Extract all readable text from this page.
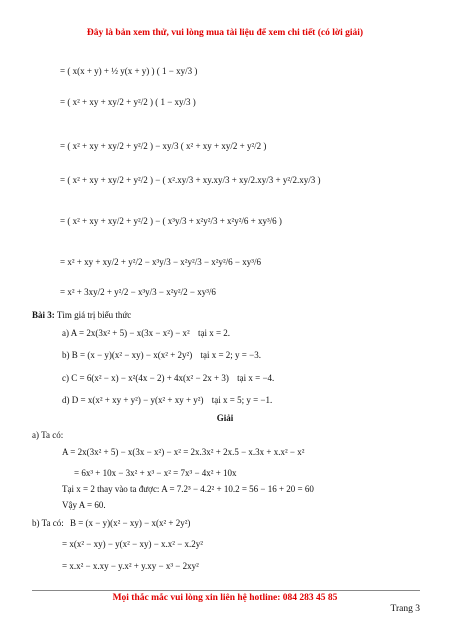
Đây là bản xem thử, vui lòng mua tài liệu để xem chi tiết (có lời giải)
= ( x(x + y) + ½ y(x + y) ) ( 1 − xy/3 )
= ( x² + xy + xy/2 + y²/2 ) ( 1 − xy/3 )
= ( x² + xy + xy/2 + y²/2 ) − xy/3 ( x² + xy + xy/2 + y²/2 )
= ( x² + xy + xy/2 + y²/2 ) − ( x².xy/3 + xy.xy/3 + xy/2.xy/3 + y²/2.xy/3 )
= ( x² + xy + xy/2 + y²/2 ) − ( x³y/3 + x²y²/3 + x²y²/6 + xy³/6 )
= x² + xy + xy/2 + y²/2 − x³y/3 − x²y²/3 − x²y²/6 − xy³/6
= x² + 3xy/2 + y²/2 − x³y/3 − x²y²/2 − xy³/6
Bài 3: Tìm giá trị biểu thức
a) A = 2x(3x² + 5) − x(3x − x²) − x² tại x = 2.
b) B = (x − y)(x² − xy) − x(x² + 2y²) tại x = 2; y = −3.
c) C = 6(x² − x) − x²(4x − 2) + 4x(x² − 2x + 3) tại x = −4.
d) D = x(x² + xy + y²) − y(x² + xy + y²) tại x = 5; y = −1.
Giải
a) Ta có:
A = 2x(3x² + 5) − x(3x − x²) − x² = 2x.3x² + 2x.5 − x.3x + x.x² − x²
= 6x³ + 10x − 3x² + x³ − x² = 7x³ − 4x² + 10x
Tại x = 2 thay vào ta được: A = 7.2³ − 4.2² + 10.2 = 56 − 16 + 20 = 60
Vậy A = 60.
b) Ta có: B = (x − y)(x² − xy) − x(x² + 2y²)
= x(x² − xy) − y(x² − xy) − x.x² − x.2y²
= x.x² − x.xy − y.x² + y.xy − x³ − 2xy²
Mọi thắc mắc vui lòng xin liên hệ hotline: 084 283 45 85
Trang 3
